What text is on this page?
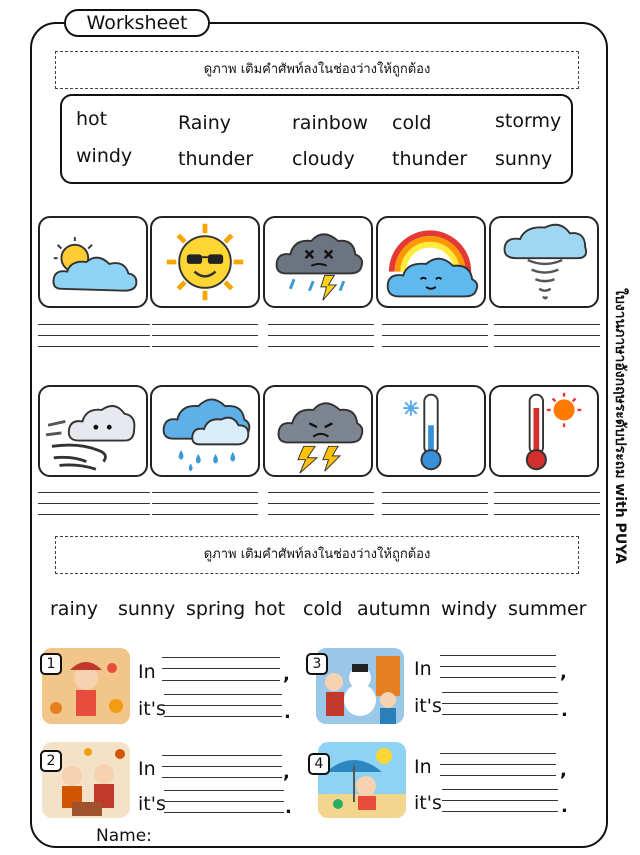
Worksheet
ดูภาพ เติมคำศัพท์ลงในช่องว่างให้ถูกต้อง
hot	Rainy	rainbow cold	stormy
windy thunder cloudy thunder sunny
ดูภาพ เติมคำศัพท์ลงในช่องว่างให้ถูกต้อง
rainy sunny spring hot cold autumn windy summer
1	In	,
it's	.
3	In	,
it's	.
2	In	,
it's	.
4	In	,
it's	.
Name:
ใบงานภาษาอังกฤษระดับประถม with PUYA
